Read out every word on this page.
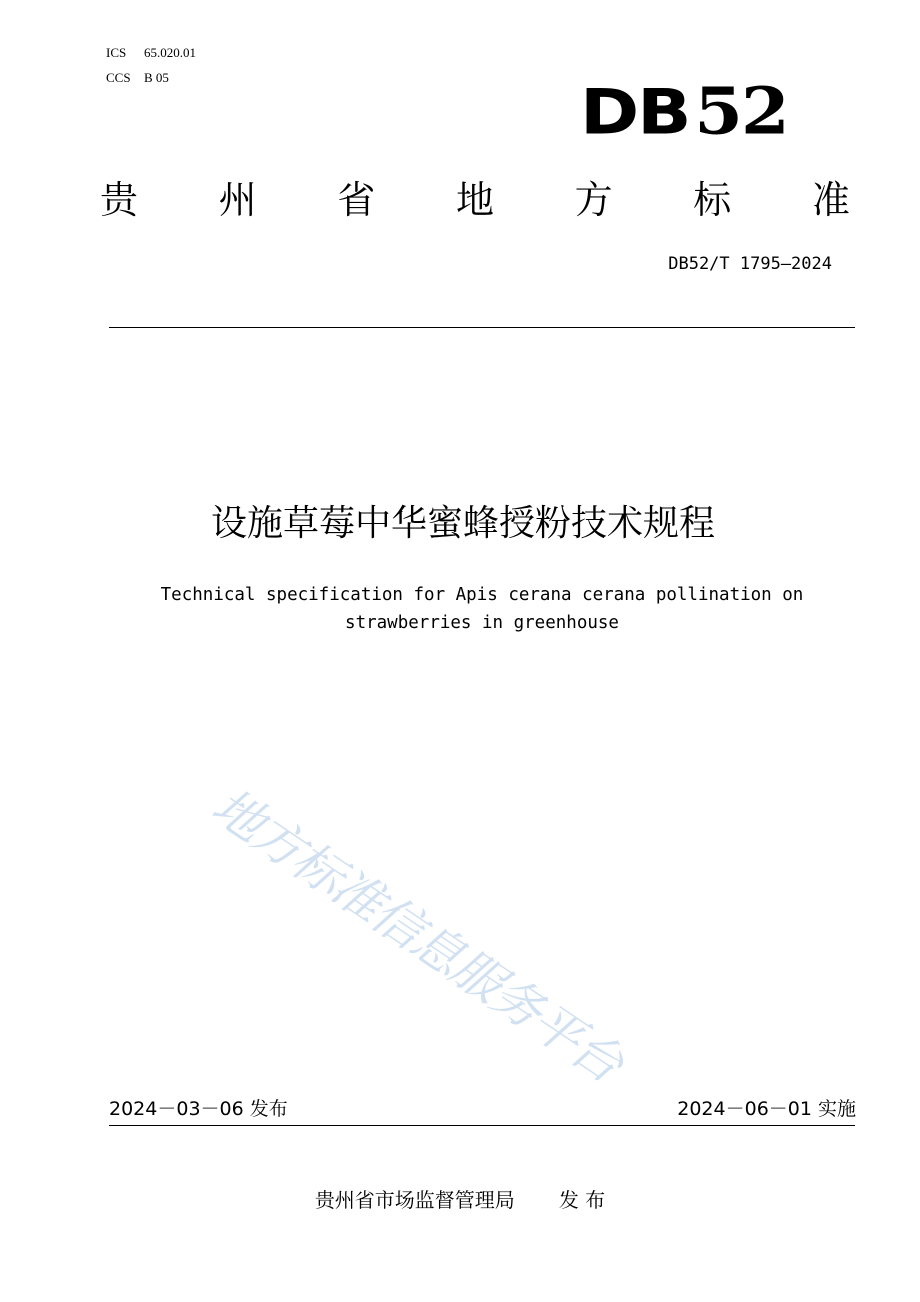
ICS 65.020.01
CCS B 05	DB52
贵 州 省 地 方 标 准
DB52/T 1795—2024
设施草莓中华蜜蜂授粉技术规程
Technical specification for Apis cerana cerana pollination on
strawberries in greenhouse
地方标准信息服务平台
2024－03－06 发布	2024－06－01 实施
贵州省市场监督管理局 发 布
